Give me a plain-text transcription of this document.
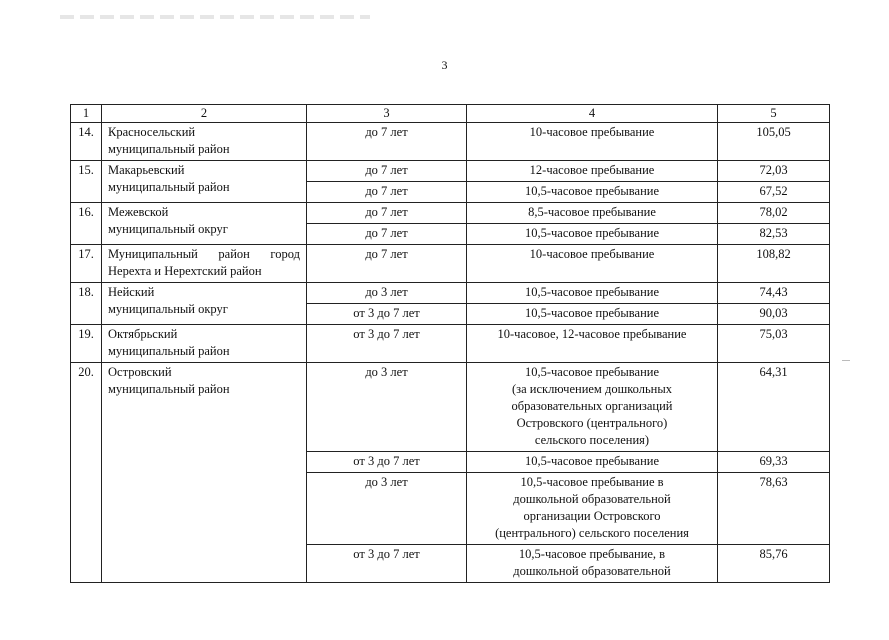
3
1	2	3	4	5
14.	Красносельский
муниципальный район	до 7 лет	10-часовое пребывание	105,05
15.	Макарьевский
муниципальный район	до 7 лет	12-часовое пребывание	72,03
		до 7 лет	10,5-часовое пребывание	67,52
16.	Межевской
муниципальный округ	до 7 лет	8,5-часовое пребывание	78,02
		до 7 лет	10,5-часовое пребывание	82,53
17.	Муниципальный район город
Нерехта и Нерехтский район	до 7 лет	10-часовое пребывание	108,82
18.	Нейский
муниципальный округ	до 3 лет	10,5-часовое пребывание	74,43
		от 3 до 7 лет	10,5-часовое пребывание	90,03
19.	Октябрьский
муниципальный район	от 3 до 7 лет	10-часовое, 12-часовое пребывание	75,03
20.	Островский
муниципальный район	до 3 лет	10,5-часовое пребывание
(за исключением дошкольных
образовательных организаций
Островского (центрального)
сельского поселения)	64,31
		от 3 до 7 лет	10,5-часовое пребывание	69,33
		до 3 лет	10,5-часовое пребывание в
дошкольной образовательной
организации Островского
(центрального) сельского поселения	78,63
		от 3 до 7 лет	10,5-часовое пребывание, в
дошкольной образовательной	85,76
